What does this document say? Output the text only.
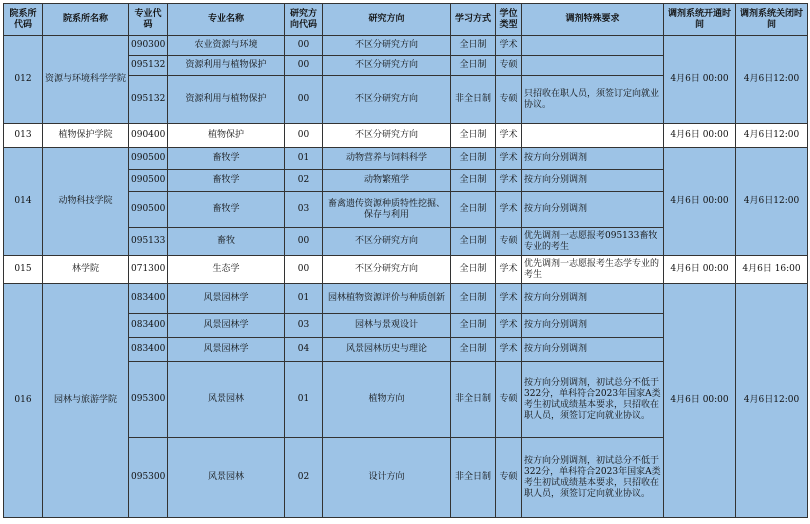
院系所代码	院系所名称	专业代码	专业名称	研究方向代码	研究方向	学习方式	学位类型	调剂特殊要求	调剂系统开通时间	调剂系统关闭时间
012	资源与环境科学学院	090300	农业资源与环境	00	不区分研究方向	全日制	学术		4月6日 00:00	4月6日12:00
		095132	资源利用与植物保护	00	不区分研究方向	全日制	专硕			
		095132	资源利用与植物保护	00	不区分研究方向	非全日制	专硕	只招收在职人员，须签订定向就业协议。		
013	植物保护学院	090400	植物保护	00	不区分研究方向	全日制	学术		4月6日 00:00	4月6日12:00
014	动物科技学院	090500	畜牧学	01	动物营养与饲料科学	全日制	学术	按方向分别调剂	4月6日 00:00	4月6日12:00
		090500	畜牧学	02	动物繁殖学	全日制	学术	按方向分别调剂		
		090500	畜牧学	03	畜禽遗传资源种质特性挖掘、保存与利用	全日制	学术	按方向分别调剂		
		095133	畜牧	00	不区分研究方向	全日制	专硕	优先调剂一志愿报考095133畜牧专业的考生		
015	林学院	071300	生态学	00	不区分研究方向	全日制	学术	优先调剂一志愿报考生态学专业的考生	4月6日 00:00	4月6日 16:00
016	园林与旅游学院	083400	风景园林学	01	园林植物资源评价与种质创新	全日制	学术	按方向分别调剂	4月6日 00:00	4月6日12:00
		083400	风景园林学	03	园林与景观设计	全日制	学术	按方向分别调剂		
		083400	风景园林学	04	风景园林历史与理论	全日制	学术	按方向分别调剂		
		095300	风景园林	01	植物方向	非全日制	专硕	按方向分别调剂，初试总分不低于322分，单科符合2023年国家A类考生初试成绩基本要求，只招收在职人员，须签订定向就业协议。		
		095300	风景园林	02	设计方向	非全日制	专硕	按方向分别调剂，初试总分不低于322分，单科符合2023年国家A类考生初试成绩基本要求，只招收在职人员，须签订定向就业协议。		
